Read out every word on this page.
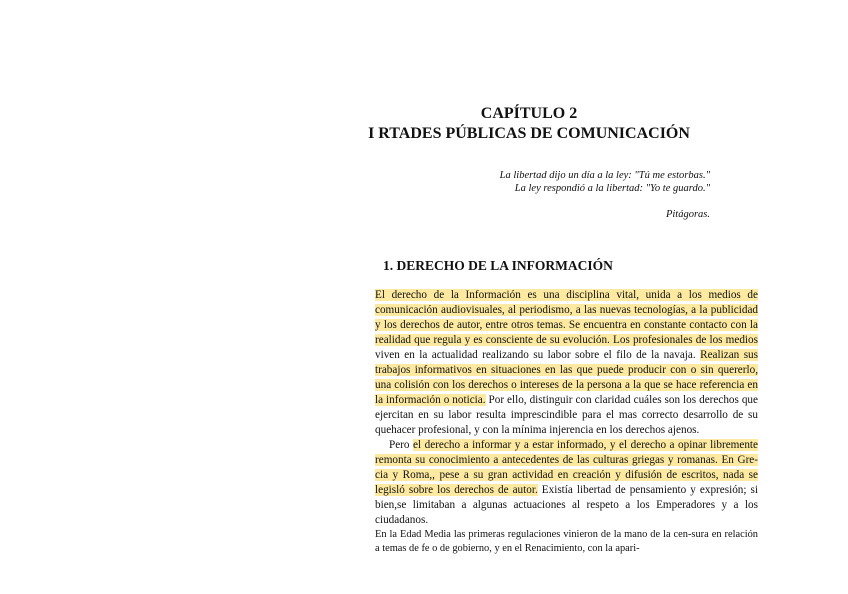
CAPÍTULO 2
I RTADES PÚBLICAS DE COMUNICACIÓN
La libertad dijo un día a la ley: "Tú me estorbas."
La ley respondió a la libertad: "Yo te guardo."
Pitágoras.
1. DERECHO DE LA INFORMACIÓN

El derecho de la Información es una disciplina vital, unida a los medios de comunicación audiovisuales, al periodismo, a las nuevas tecnologías, a la publicidad y los derechos de autor, entre otros temas. Se encuentra en constante contacto con la realidad que regula y es consciente de su evolución. Los profesionales de los medios viven en la actualidad realizando su labor sobre el filo de la navaja. Realizan sus trabajos informativos en situaciones en las que puede producir con o sin quererlo, una colisión con los derechos o intereses de la persona a la que se hace referencia en la información o noticia. Por ello, distinguir con claridad cuáles son los derechos que ejercitan en su labor resulta imprescindible para el mas correcto desarrollo de su quehacer profesional, y con la mínima injerencia en los derechos ajenos.

Pero el derecho a informar y a estar informado, y el derecho a opinar libremente remonta su conocimiento a antecedentes de las culturas griegas y romanas. En Gre-cia y Roma,, pese a su gran actividad en creación y difusión de escritos, nada se legisló sobre los derechos de autor. Existía libertad de pensamiento y expresión; si bien,se limitaban a algunas actuaciones al respeto a los Emperadores y a los ciudadanos.

En la Edad Media las primeras regulaciones vinieron de la mano de la cen-sura en relación a temas de fe o de gobierno, y en el Renacimiento, con la apari-
